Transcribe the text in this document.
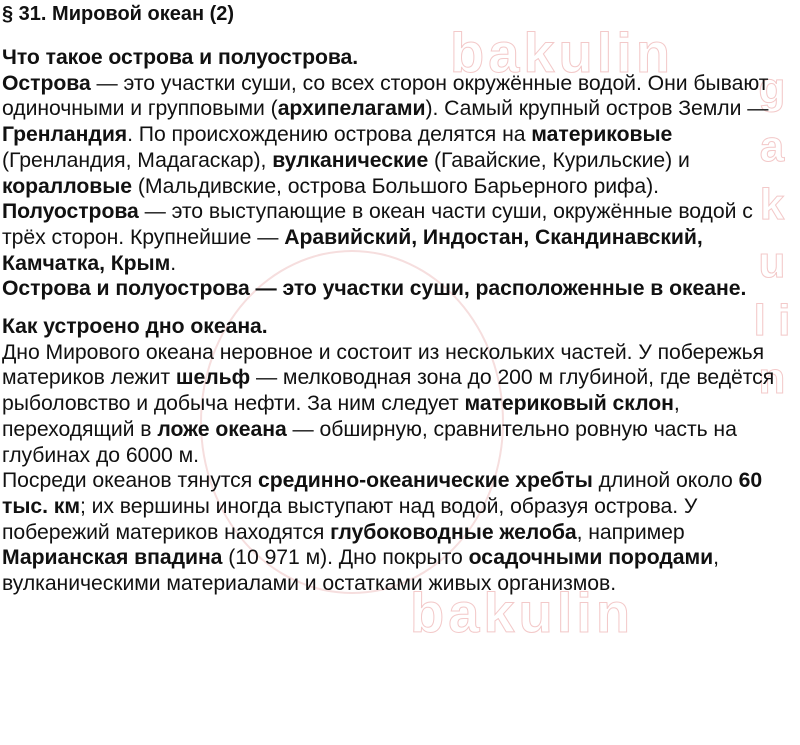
bakulin
bakulin
g a k u l i n
§ 31. Мировой океан (2)

Что такое острова и полуострова.

Острова — это участки суши, со всех сторон окружённые водой. Они бывают одиночными и групповыми (архипелагами). Самый крупный остров Земли — Гренландия. По происхождению острова делятся на материковые (Гренландия, Мадагаскар), вулканические (Гавайские, Курильские) и коралловые (Мальдивские, острова Большого Барьерного рифа).

Полуострова — это выступающие в океан части суши, окружённые водой с трёх сторон. Крупнейшие — Аравийский, Индостан, Скандинавский, Камчатка, Крым.

Острова и полуострова — это участки суши, расположенные в океане.

Как устроено дно океана.

Дно Мирового океана неровное и состоит из нескольких частей. У побережья материков лежит шельф — мелководная зона до 200 м глубиной, где ведётся рыболовство и добыча нефти. За ним следует материковый склон, переходящий в ложе океана — обширную, сравнительно ровную часть на глубинах до 6000 м.

Посреди океанов тянутся срединно-океанические хребты длиной около 60 тыс. км; их вершины иногда выступают над водой, образуя острова. У побережий материков находятся глубоководные желоба, например Марианская впадина (10 971 м). Дно покрыто осадочными породами, вулканическими материалами и остатками живых организмов.
